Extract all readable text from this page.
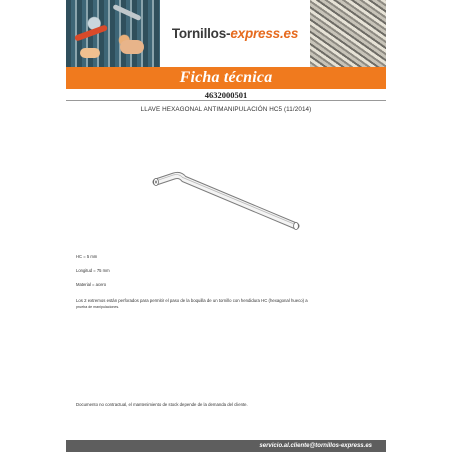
Tornillos-express.es
Ficha técnica
4632000501
LLAVE HEXAGONAL ANTIMANIPULACIÓN HC5 (11/2014)
HC = 5 mm
Longitud = 75 mm
Material = acero
Los 2 extremos están perforados para permitir el paso de la boquilla de un tornillo con hendidura HC (hexagonal hueco) a
prueba de manipulaciones.
Documento no contractual, el mantenimiento de stock depende de la demanda del cliente.
servicio.al.cliente@tornillos-express.es
